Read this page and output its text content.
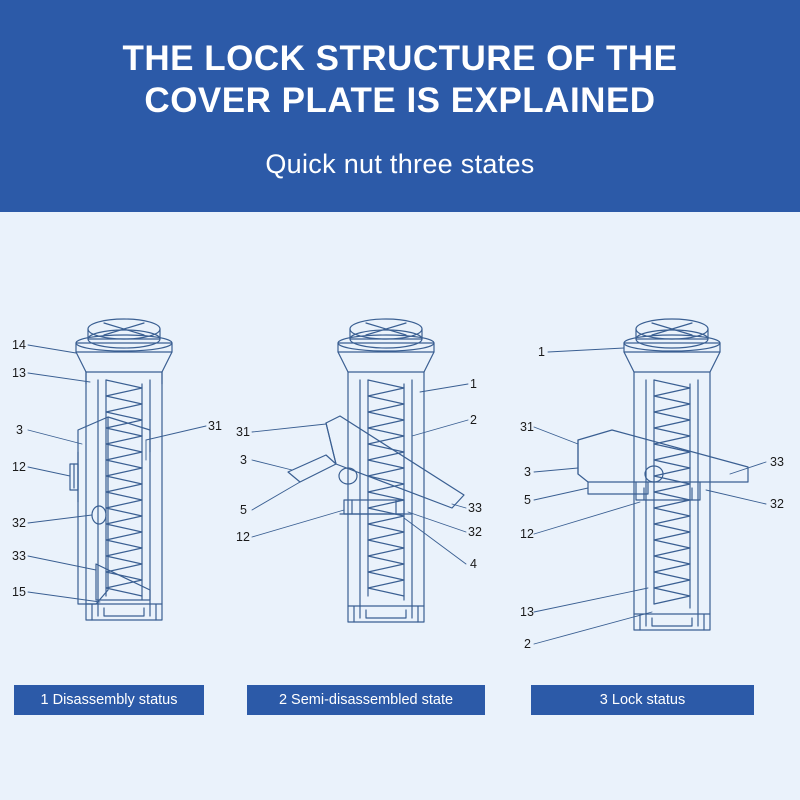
THE LOCK STRUCTURE OF THE COVER PLATE IS EXPLAINED
Quick nut three states
14
13
3
12
32
33
15
31 31
3
5
12
1
2
33
32
4
1
31
3
5
12
13
2
33
32
1 Disassembly status	2 Semi-disassembled state	3 Lock status
